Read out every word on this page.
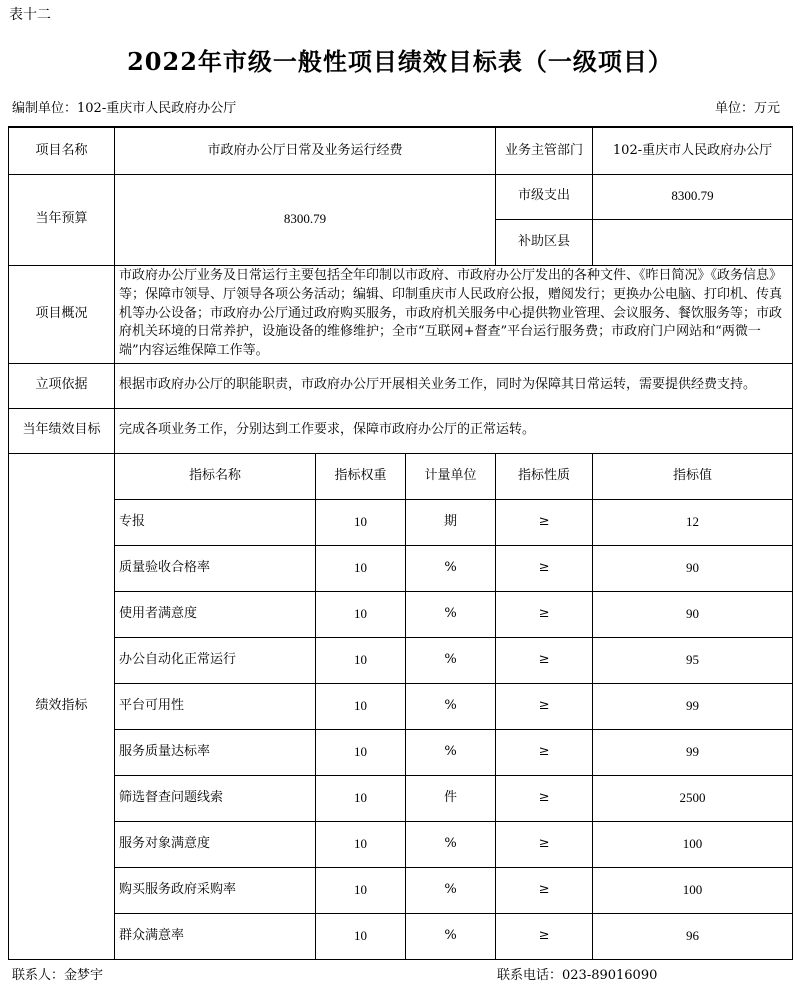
表十二
2022年市级一般性项目绩效目标表（一级项目）
编制单位：102-重庆市人民政府办公厅	单位：万元
项目名称	市政府办公厅日常及业务运行经费			业务主管部门	102-重庆市人民政府办公厅
当年预算	8300.79			市级支出	8300.79
				补助区县	
项目概况	市政府办公厅业务及日常运行主要包括全年印制以市政府、市政府办公厅发出的各种文件、《昨日简况》《政务信息》等；保障市领导、厅领导各项公务活动；编辑、印制重庆市人民政府公报，赠阅发行；更换办公电脑、打印机、传真机等办公设备；市政府办公厅通过政府购买服务，市政府机关服务中心提供物业管理、会议服务、餐饮服务等；市政府机关环境的日常养护，设施设备的维修维护；全市“互联网+督查”平台运行服务费；市政府门户网站和“两微一端”内容运维保障工作等。				
立项依据	根据市政府办公厅的职能职责，市政府办公厅开展相关业务工作，同时为保障其日常运转，需要提供经费支持。				
当年绩效目标	完成各项业务工作，分别达到工作要求，保障市政府办公厅的正常运转。				
绩效指标	指标名称	指标权重	计量单位	指标性质	指标值
	专报	10	期	≥	12
	质量验收合格率	10	%	≥	90
	使用者满意度	10	%	≥	90
	办公自动化正常运行	10	%	≥	95
	平台可用性	10	%	≥	99
	服务质量达标率	10	%	≥	99
	筛选督查问题线索	10	件	≥	2500
	服务对象满意度	10	%	≥	100
	购买服务政府采购率	10	%	≥	100
	群众满意率	10	%	≥	96
联系人：金梦宇	联系电话：023-89016090
